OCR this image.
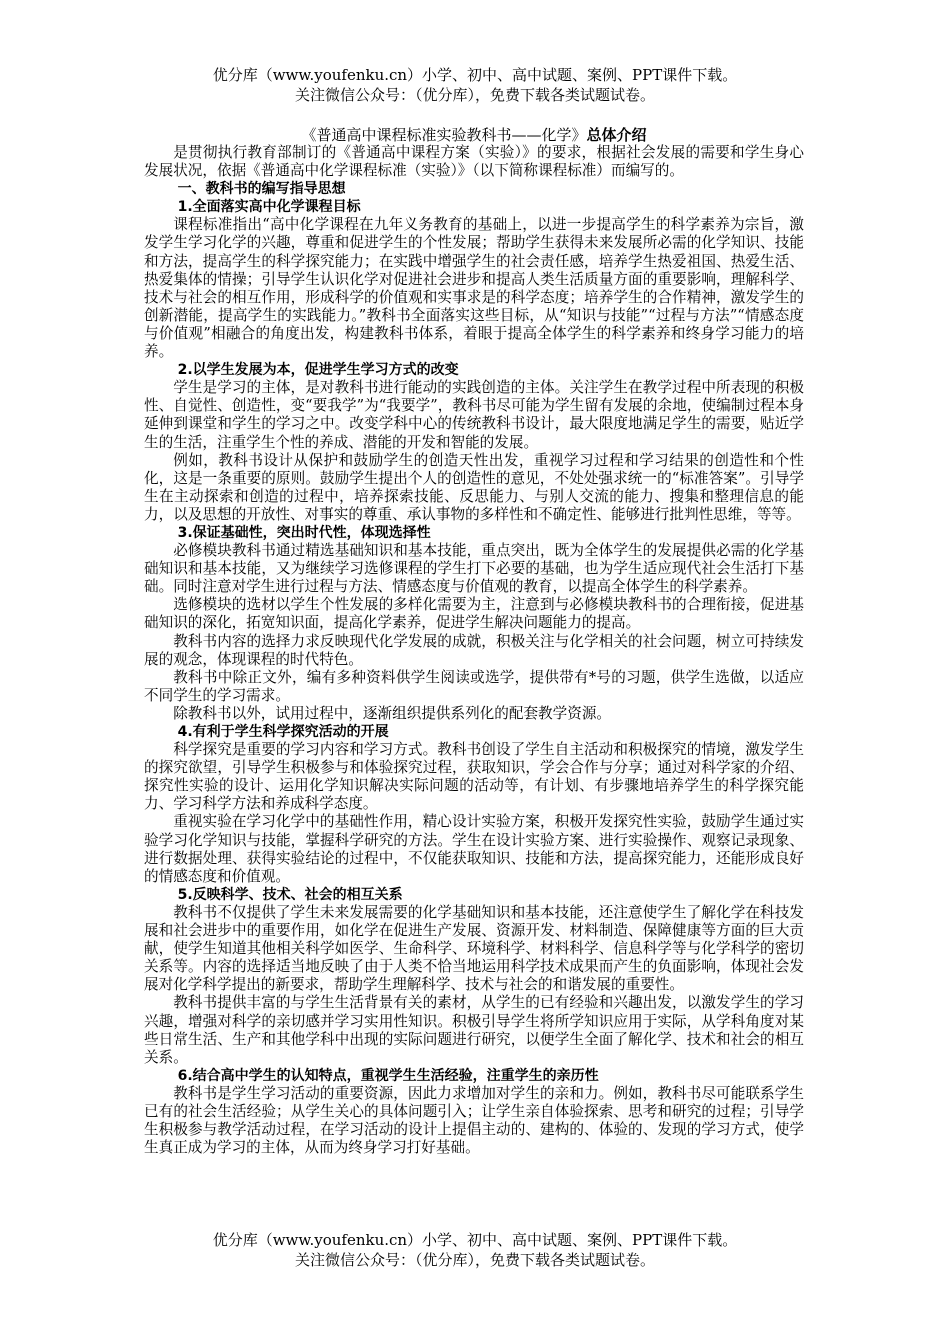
优分库（www.youfenku.cn）小学、初中、高中试题、案例、PPT课件下载。
关注微信公众号：（优分库），免费下载各类试题试卷。
《普通高中课程标准实验教科书——化学》总体介绍

是贯彻执行教育部制订的《普通高中课程方案（实验）》的要求，根据社会发展的需要和学生身心发展状况，依据《普通高中化学课程标准（实验）》（以下简称课程标准）而编写的。

一、教科书的编写指导思想
1.全面落实高中化学课程目标

课程标准指出“高中化学课程在九年义务教育的基础上，以进一步提高学生的科学素养为宗旨，激发学生学习化学的兴趣，尊重和促进学生的个性发展；帮助学生获得未来发展所必需的化学知识、技能和方法，提高学生的科学探究能力；在实践中增强学生的社会责任感，培养学生热爱祖国、热爱生活、热爱集体的情操；引导学生认识化学对促进社会进步和提高人类生活质量方面的重要影响，理解科学、技术与社会的相互作用，形成科学的价值观和实事求是的科学态度；培养学生的合作精神，激发学生的创新潜能，提高学生的实践能力。”教科书全面落实这些目标，从“知识与技能”“过程与方法”“情感态度与价值观”相融合的角度出发，构建教科书体系，着眼于提高全体学生的科学素养和终身学习能力的培养。

2.以学生发展为本，促进学生学习方式的改变

学生是学习的主体，是对教科书进行能动的实践创造的主体。关注学生在教学过程中所表现的积极性、自觉性、创造性，变“要我学”为“我要学”，教科书尽可能为学生留有发展的余地，使编制过程本身延伸到课堂和学生的学习之中。改变学科中心的传统教科书设计，最大限度地满足学生的需要，贴近学生的生活，注重学生个性的养成、潜能的开发和智能的发展。

例如，教科书设计从保护和鼓励学生的创造天性出发，重视学习过程和学习结果的创造性和个性化，这是一条重要的原则。鼓励学生提出个人的创造性的意见，不处处强求统一的“标准答案”。引导学生在主动探索和创造的过程中，培养探索技能、反思能力、与别人交流的能力、搜集和整理信息的能力，以及思想的开放性、对事实的尊重、承认事物的多样性和不确定性、能够进行批判性思维，等等。

3.保证基础性，突出时代性，体现选择性

必修模块教科书通过精选基础知识和基本技能，重点突出，既为全体学生的发展提供必需的化学基础知识和基本技能，又为继续学习选修课程的学生打下必要的基础，也为学生适应现代社会生活打下基础。同时注意对学生进行过程与方法、情感态度与价值观的教育，以提高全体学生的科学素养。

选修模块的选材以学生个性发展的多样化需要为主，注意到与必修模块教科书的合理衔接，促进基础知识的深化，拓宽知识面，提高化学素养，促进学生解决问题能力的提高。

教科书内容的选择力求反映现代化学发展的成就，积极关注与化学相关的社会问题，树立可持续发展的观念，体现课程的时代特色。

教科书中除正文外，编有多种资料供学生阅读或选学，提供带有*号的习题，供学生选做，以适应不同学生的学习需求。

除教科书以外，试用过程中，逐渐组织提供系列化的配套教学资源。

4.有利于学生科学探究活动的开展

科学探究是重要的学习内容和学习方式。教科书创设了学生自主活动和积极探究的情境，激发学生的探究欲望，引导学生积极参与和体验探究过程，获取知识，学会合作与分享；通过对科学家的介绍、探究性实验的设计、运用化学知识解决实际问题的活动等，有计划、有步骤地培养学生的科学探究能力、学习科学方法和养成科学态度。

重视实验在学习化学中的基础性作用，精心设计实验方案，积极开发探究性实验，鼓励学生通过实验学习化学知识与技能，掌握科学研究的方法。学生在设计实验方案、进行实验操作、观察记录现象、进行数据处理、获得实验结论的过程中，不仅能获取知识、技能和方法，提高探究能力，还能形成良好的情感态度和价值观。

5.反映科学、技术、社会的相互关系

教科书不仅提供了学生未来发展需要的化学基础知识和基本技能，还注意使学生了解化学在科技发展和社会进步中的重要作用，如化学在促进生产发展、资源开发、材料制造、保障健康等方面的巨大贡献，使学生知道其他相关科学如医学、生命科学、环境科学、材料科学、信息科学等与化学科学的密切关系等。内容的选择适当地反映了由于人类不恰当地运用科学技术成果而产生的负面影响，体现社会发展对化学科学提出的新要求，帮助学生理解科学、技术与社会的和谐发展的重要性。

教科书提供丰富的与学生生活背景有关的素材，从学生的已有经验和兴趣出发，以激发学生的学习兴趣，增强对科学的亲切感并学习实用性知识。积极引导学生将所学知识应用于实际，从学科角度对某些日常生活、生产和其他学科中出现的实际问题进行研究，以便学生全面了解化学、技术和社会的相互关系。

6.结合高中学生的认知特点，重视学生生活经验，注重学生的亲历性

教科书是学生学习活动的重要资源，因此力求增加对学生的亲和力。例如，教科书尽可能联系学生已有的社会生活经验；从学生关心的具体问题引入；让学生亲自体验探索、思考和研究的过程；引导学生积极参与教学活动过程，在学习活动的设计上提倡主动的、建构的、体验的、发现的学习方式，使学生真正成为学习的主体，从而为终身学习打好基础。

优分库（www.youfenku.cn）小学、初中、高中试题、案例、PPT课件下载。
关注微信公众号：（优分库），免费下载各类试题试卷。
